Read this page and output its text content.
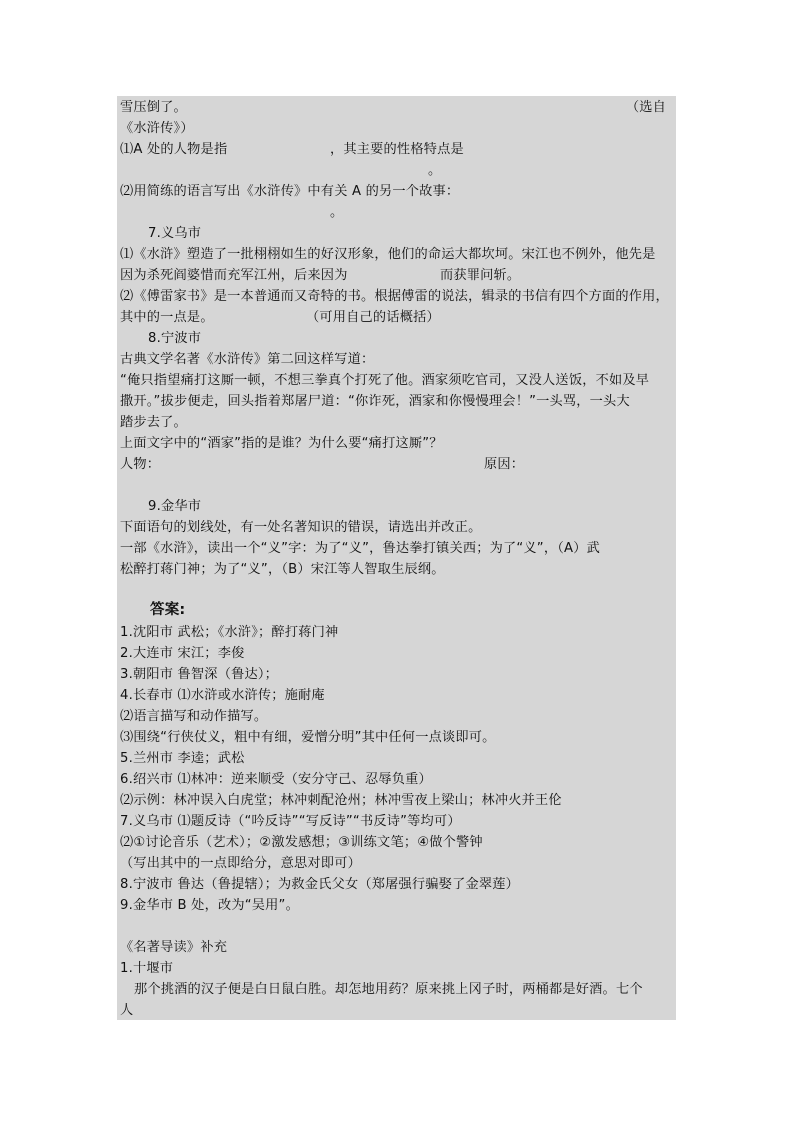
雪压倒了。	（选自
《水浒传》）
⑴A 处的人物是指	，其主要的性格特点是
。
⑵用简练的语言写出《水浒传》中有关 A 的另一个故事：
。
7.义乌市
⑴《水浒》塑造了一批栩栩如生的好汉形象，他们的命运大都坎坷。宋江也不例外，他先是
因为杀死阎婆惜而充军江州，后来因为	而获罪问斩。
⑵《傅雷家书》是一本普通而又奇特的书。根据傅雷的说法，辑录的书信有四个方面的作用，
其中的一点是。	（可用自己的话概括）
8.宁波市
古典文学名著《水浒传》第二回这样写道：
“俺只指望痛打这厮一顿，不想三拳真个打死了他。酒家须吃官司，又没人送饭，不如及早
撒开。”拔步便走，回头指着郑屠尸道：“你诈死，酒家和你慢慢理会！”一头骂，一头大
踏步去了。
上面文字中的“酒家”指的是谁？为什么要“痛打这厮”？
人物：	原因：
9.金华市
下面语句的划线处，有一处名著知识的错误，请选出并改正。
一部《水浒》，读出一个“义”字：为了“义”，鲁达拳打镇关西；为了“义”，（A）武
松醉打蒋门神；为了“义”，（B）宋江等人智取生辰纲。
答案:
1.沈阳市 武松；《水浒》；醉打蒋门神
2.大连市 宋江；李俊
3.朝阳市 鲁智深（鲁达）；
4.长春市 ⑴水浒或水浒传；施耐庵
⑵语言描写和动作描写。
⑶围绕“行侠仗义，粗中有细，爱憎分明”其中任何一点谈即可。
5.兰州市 李逵；武松
6.绍兴市 ⑴林冲：逆来顺受（安分守己、忍辱负重）
⑵示例：林冲误入白虎堂；林冲刺配沧州；林冲雪夜上梁山；林冲火并王伦
7.义乌市 ⑴题反诗（“吟反诗”“写反诗”“书反诗”等均可）
⑵①讨论音乐（艺术）；②激发感想；③训练文笔；④做个警钟
（写出其中的一点即给分，意思对即可）
8.宁波市 鲁达（鲁提辖）；为救金氏父女（郑屠强行骗娶了金翠莲）
9.金华市 B 处，改为“吴用”。
《名著导读》补充
1.十堰市
那个挑酒的汉子便是白日鼠白胜。却怎地用药？原来挑上冈子时，两桶都是好酒。七个
人
